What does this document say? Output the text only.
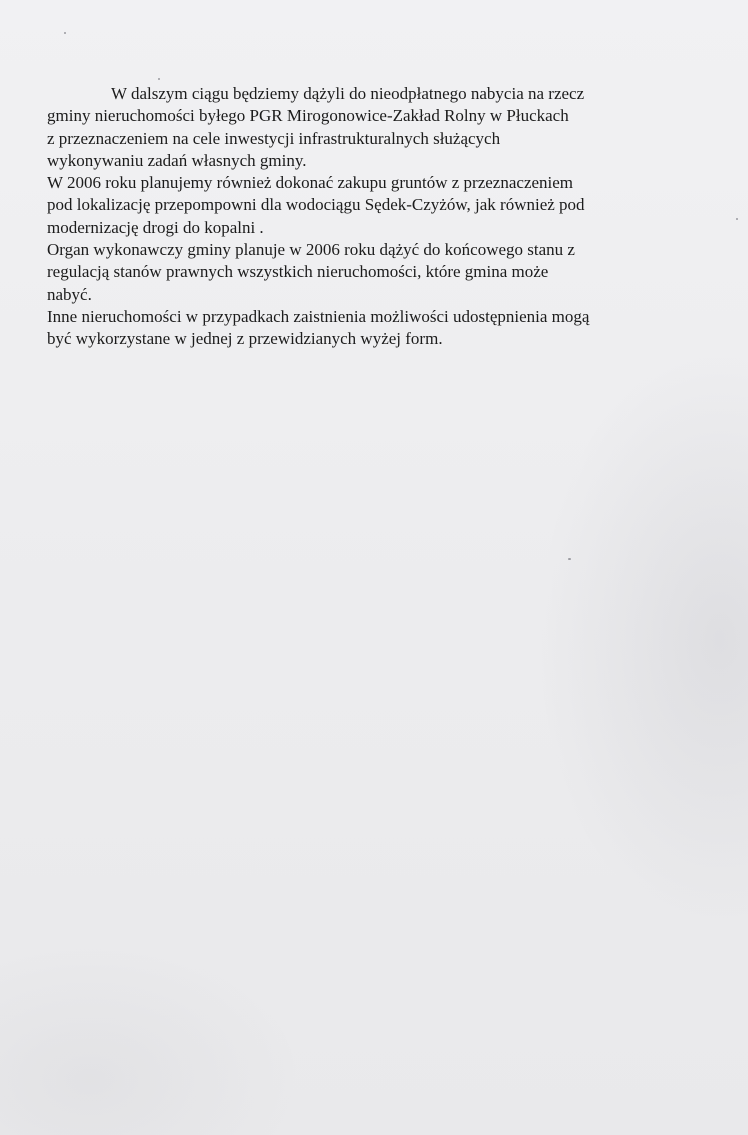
W dalszym ciągu będziemy dążyli do nieodpłatnego nabycia na rzecz

gminy nieruchomości byłego PGR Mirogonowice-Zakład Rolny w Płuckach

z przeznaczeniem na cele inwestycji infrastrukturalnych służących

wykonywaniu zadań własnych gminy.

W 2006 roku planujemy również dokonać zakupu gruntów z przeznaczeniem

pod lokalizację przepompowni dla wodociągu Sędek-Czyżów, jak również pod

modernizację drogi do kopalni .

Organ wykonawczy gminy planuje w 2006 roku dążyć do końcowego stanu z

regulacją stanów prawnych wszystkich nieruchomości, które gmina może

nabyć.

Inne nieruchomości w przypadkach zaistnienia możliwości udostępnienia mogą

być wykorzystane w jednej z przewidzianych wyżej form.
